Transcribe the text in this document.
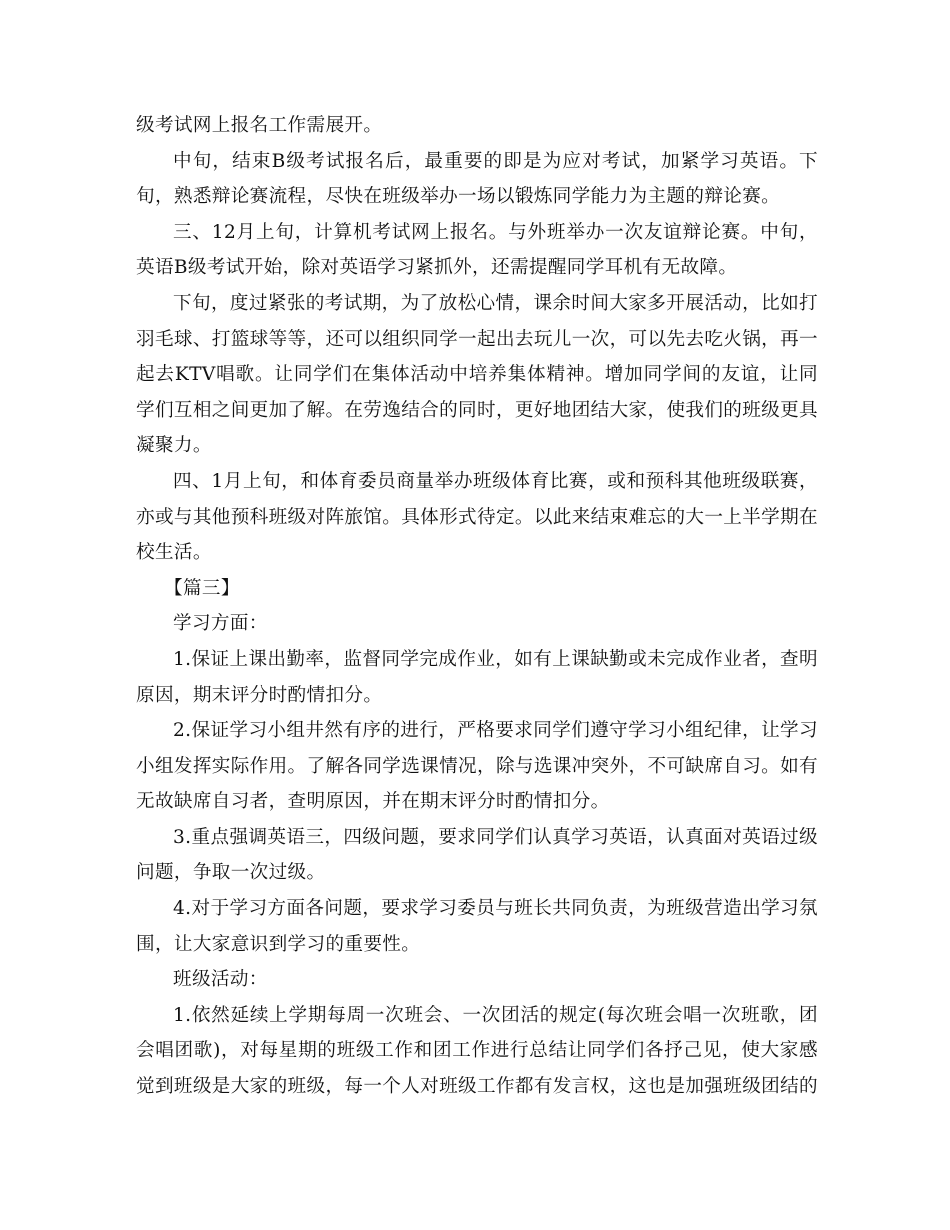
级考试网上报名工作需展开。

中旬，结束B级考试报名后，最重要的即是为应对考试，加紧学习英语。下旬，熟悉辩论赛流程，尽快在班级举办一场以锻炼同学能力为主题的辩论赛。

三、12月上旬，计算机考试网上报名。与外班举办一次友谊辩论赛。中旬，英语B级考试开始，除对英语学习紧抓外，还需提醒同学耳机有无故障。

下旬，度过紧张的考试期，为了放松心情，课余时间大家多开展活动，比如打羽毛球、打篮球等等，还可以组织同学一起出去玩儿一次，可以先去吃火锅，再一起去KTV唱歌。让同学们在集体活动中培养集体精神。增加同学间的友谊，让同学们互相之间更加了解。在劳逸结合的同时，更好地团结大家，使我们的班级更具凝聚力。

四、1月上旬，和体育委员商量举办班级体育比赛，或和预科其他班级联赛，亦或与其他预科班级对阵旅馆。具体形式待定。以此来结束难忘的大一上半学期在校生活。

【篇三】

学习方面：

1.保证上课出勤率，监督同学完成作业，如有上课缺勤或未完成作业者，查明原因，期末评分时酌情扣分。

2.保证学习小组井然有序的进行，严格要求同学们遵守学习小组纪律，让学习小组发挥实际作用。了解各同学选课情况，除与选课冲突外，不可缺席自习。如有无故缺席自习者，查明原因，并在期末评分时酌情扣分。

3.重点强调英语三，四级问题，要求同学们认真学习英语，认真面对英语过级问题，争取一次过级。

4.对于学习方面各问题，要求学习委员与班长共同负责，为班级营造出学习氛围，让大家意识到学习的重要性。

班级活动：

1.依然延续上学期每周一次班会、一次团活的规定(每次班会唱一次班歌，团会唱团歌)，对每星期的班级工作和团工作进行总结让同学们各抒己见，使大家感觉到班级是大家的班级，每一个人对班级工作都有发言权，这也是加强班级团结的
